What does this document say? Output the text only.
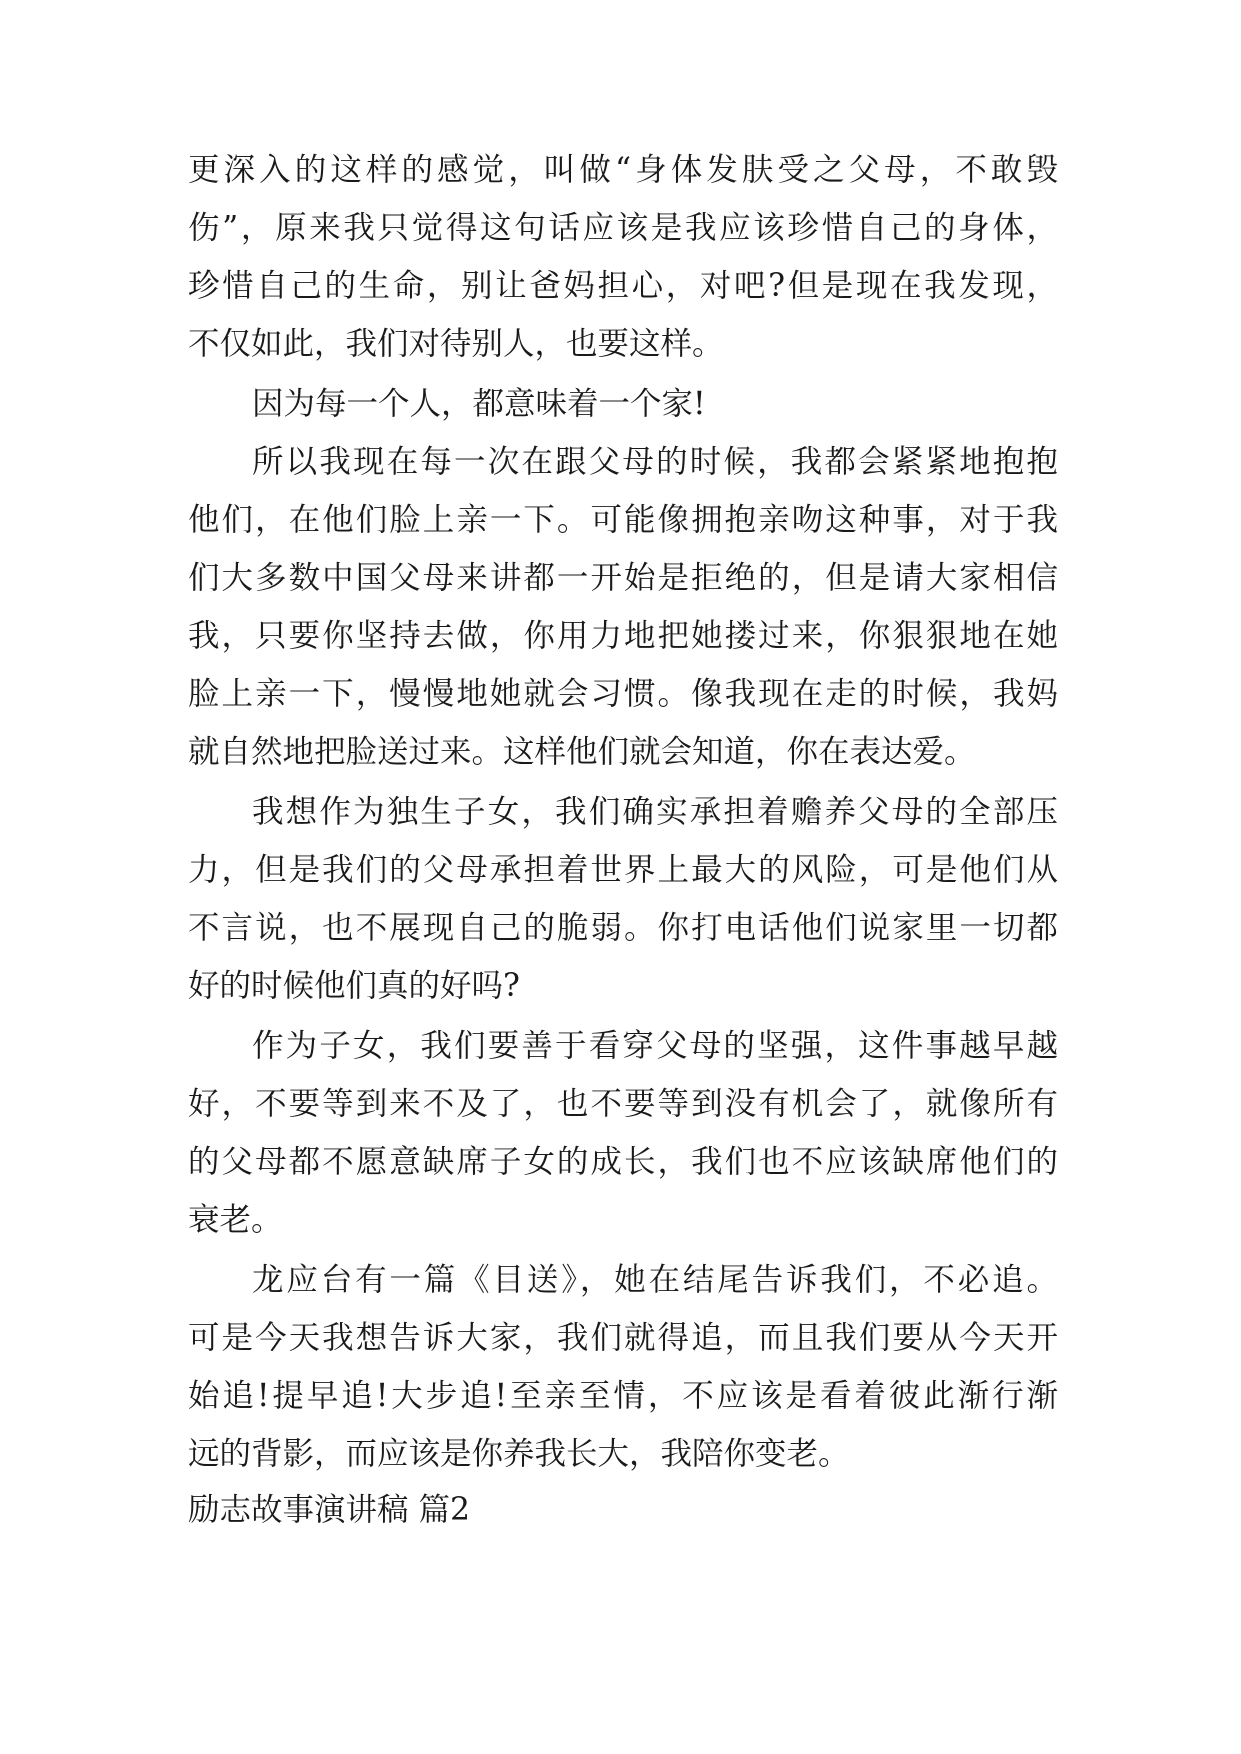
更深入的这样的感觉，叫做“身体发肤受之父母，不敢毁
伤”，原来我只觉得这句话应该是我应该珍惜自己的身体，
珍惜自己的生命，别让爸妈担心，对吧?但是现在我发现，
不仅如此，我们对待别人，也要这样。
因为每一个人，都意味着一个家!
所以我现在每一次在跟父母的时候，我都会紧紧地抱抱
他们，在他们脸上亲一下。可能像拥抱亲吻这种事，对于我
们大多数中国父母来讲都一开始是拒绝的，但是请大家相信
我，只要你坚持去做，你用力地把她搂过来，你狠狠地在她
脸上亲一下，慢慢地她就会习惯。像我现在走的时候，我妈
就自然地把脸送过来。这样他们就会知道，你在表达爱。
我想作为独生子女，我们确实承担着赡养父母的全部压
力，但是我们的父母承担着世界上最大的风险，可是他们从
不言说，也不展现自己的脆弱。你打电话他们说家里一切都
好的时候他们真的好吗?
作为子女，我们要善于看穿父母的坚强，这件事越早越
好，不要等到来不及了，也不要等到没有机会了，就像所有
的父母都不愿意缺席子女的成长，我们也不应该缺席他们的
衰老。
龙应台有一篇《目送》，她在结尾告诉我们，不必追。
可是今天我想告诉大家，我们就得追，而且我们要从今天开
始追!提早追!大步追!至亲至情，不应该是看着彼此渐行渐
远的背影，而应该是你养我长大，我陪你变老。
励志故事演讲稿 篇2
